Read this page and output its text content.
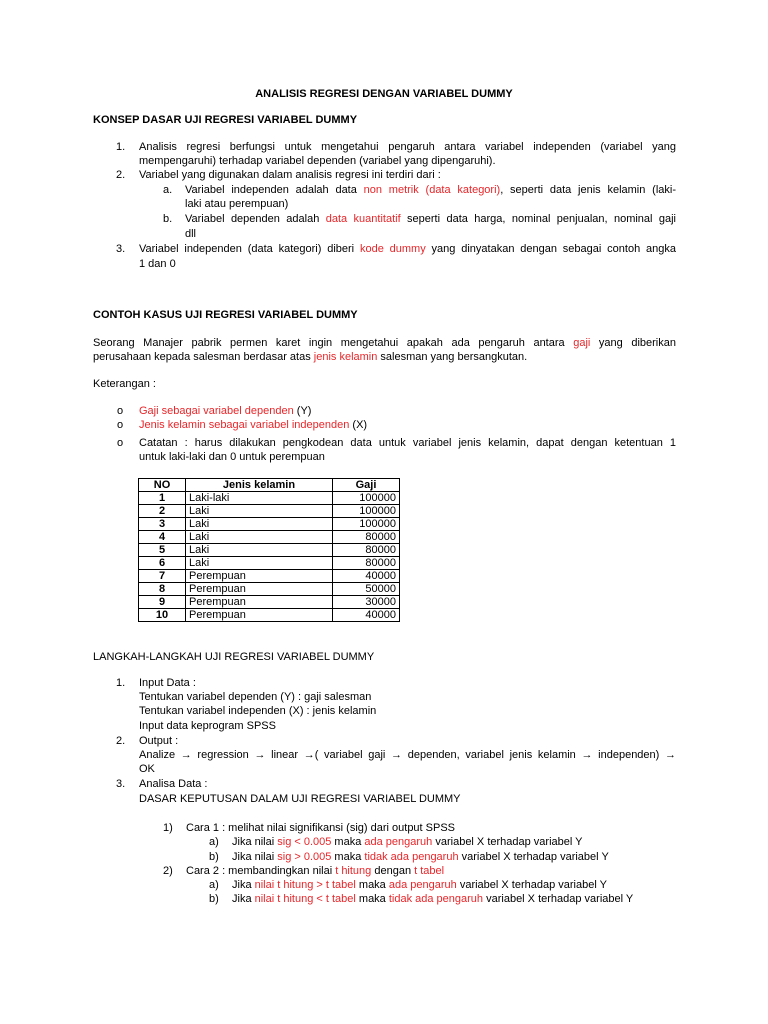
ANALISIS REGRESI DENGAN VARIABEL DUMMY
KONSEP DASAR UJI REGRESI VARIABEL DUMMY
1. Analisis regresi berfungsi untuk mengetahui pengaruh antara variabel independen (variabel yang
mempengaruhi) terhadap variabel dependen (variabel yang dipengaruhi).
2. Variabel yang digunakan dalam analisis regresi ini terdiri dari :
a. Variabel independen adalah data non metrik (data kategori), seperti data jenis kelamin (laki-
laki atau perempuan)
b. Variabel dependen adalah data kuantitatif seperti data harga, nominal penjualan, nominal gaji
dll
3. Variabel independen (data kategori) diberi kode dummy yang dinyatakan dengan sebagai contoh angka
1 dan 0
CONTOH KASUS UJI REGRESI VARIABEL DUMMY
Seorang Manajer pabrik permen karet ingin mengetahui apakah ada pengaruh antara gaji yang diberikan
perusahaan kepada salesman berdasar atas jenis kelamin salesman yang bersangkutan.
Keterangan :
o Gaji sebagai variabel dependen (Y)
o Jenis kelamin sebagai variabel independen (X)
o Catatan : harus dilakukan pengkodean data untuk variabel jenis kelamin, dapat dengan ketentuan 1
untuk laki-laki dan 0 untuk perempuan
NO	Jenis kelamin	Gaji
1	Laki-laki	100000
2	Laki	100000
3	Laki	100000
4	Laki	80000
5	Laki	80000
6	Laki	80000
7	Perempuan	40000
8	Perempuan	50000
9	Perempuan	30000
10	Perempuan	40000
LANGKAH-LANGKAH UJI REGRESI VARIABEL DUMMY
1. Input Data :
Tentukan variabel dependen (Y) : gaji salesman
Tentukan variabel independen (X) : jenis kelamin
Input data keprogram SPSS
2. Output :
Analize → regression → linear →( variabel gaji → dependen, variabel jenis kelamin → independen) →
OK
3. Analisa Data :
DASAR KEPUTUSAN DALAM UJI REGRESI VARIABEL DUMMY
1) Cara 1 : melihat nilai signifikansi (sig) dari output SPSS
a) Jika nilai sig < 0.005 maka ada pengaruh variabel X terhadap variabel Y
b) Jika nilai sig > 0.005 maka tidak ada pengaruh variabel X terhadap variabel Y
2) Cara 2 : membandingkan nilai t hitung dengan t tabel
a) Jika nilai t hitung > t tabel maka ada pengaruh variabel X terhadap variabel Y
b) Jika nilai t hitung < t tabel maka tidak ada pengaruh variabel X terhadap variabel Y
